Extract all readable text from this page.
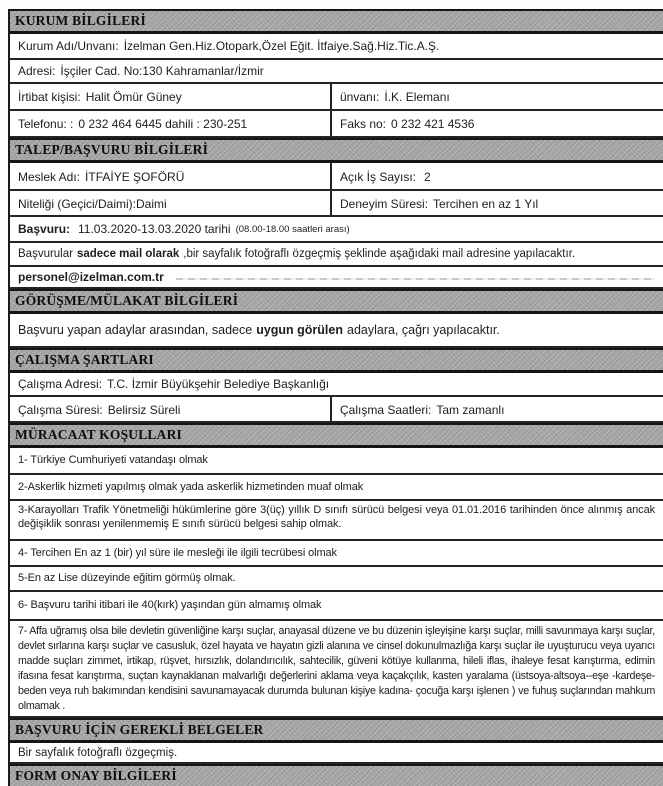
KURUM BİLGİLERİ
Kurum Adı/Unvanı: İzelman Gen.Hiz.Otopark,Özel Eğit. İtfaiye.Sağ.Hiz.Tic.A.Ş.
Adresi: İşçiler Cad. No:130 Kahramanlar/İzmir
İrtibat kişisi: Halit Ömür Güney	ünvanı: İ.K. Elemanı
Telefonu: : 0 232 464 6445 dahili : 230-251	Faks no: 0 232 421 4536
TALEP/BAŞVURU BİLGİLERİ
Meslek Adı: İTFAİYE ŞOFÖRÜ	Açık İş Sayısı: 2
Niteliği (Geçici/Daimi): Daimi	Deneyim Süresi: Tercihen en az 1 Yıl
Başvuru: 11.03.2020-13.03.2020 tarihi (08.00-18.00 saatleri arası)
Başvurular sadece mail olarak ,bir sayfalık fotoğraflı özgeçmiş şeklinde aşağıdaki mail adresine yapılacaktır.
personel@izelman.com.tr
GÖRÜŞME/MÜLAKAT BİLGİLERİ
Başvuru yapan adaylar arasından, sadece uygun görülen adaylara, çağrı yapılacaktır.
ÇALIŞMA ŞARTLARI
Çalışma Adresi: T.C. İzmir Büyükşehir Belediye Başkanlığı
Çalışma Süresi: Belirsiz Süreli	Çalışma Saatleri: Tam zamanlı
MÜRACAAT KOŞULLARI
1- Türkiye Cumhuriyeti vatandaşı olmak
2-Askerlik hizmeti yapılmış olmak yada askerlik hizmetinden muaf olmak
3-Karayolları Trafik Yönetmeliği hükümlerine göre 3(üç) yıllık D sınıfı sürücü belgesi veya 01.01.2016 tarihinden önce alınmış ancak değişiklik sonrası yenilenmemiş E sınıfı sürücü belgesi sahip olmak.
4- Tercihen En az 1 (bir) yıl süre ile mesleği ile ilgili tecrübesi olmak
5-En az Lise düzeyinde eğitim görmüş olmak.
6- Başvuru tarihi itibari ile 40(kırk) yaşından gün almamış olmak
7- Affa uğramış olsa bile devletin güvenliğine karşı suçlar, anayasal düzene ve bu düzenin işleyişine karşı suçlar, milli savunmaya karşı suçlar, devlet sırlarına karşı suçlar ve casusluk, özel hayata ve hayatın gizli alanına ve cinsel dokunulmazlığa karşı suçlar ile uyuşturucu veya uyarıcı madde suçları zimmet, irtikap, rüşvet, hırsızlık, dolandırıcılık, sahtecilik, güveni kötüye kullanma, hileli iflas, ihaleye fesat karıştırma, edimin ifasına fesat karıştırma, suçtan kaynaklanan malvarlığı değerlerini aklama veya kaçakçılık, kasten yaralama (üstsoya-altsoya--eşe -kardeşe- beden veya ruh bakımından kendisini savunamayacak durumda bulunan kişiye kadına- çocuğa karşı işlenen ) ve fuhuş suçlarından mahkum olmamak .
BAŞVURU İÇİN GEREKLİ BELGELER
Bir sayfalık fotoğraflı özgeçmiş.
FORM ONAY BİLGİLERİ
